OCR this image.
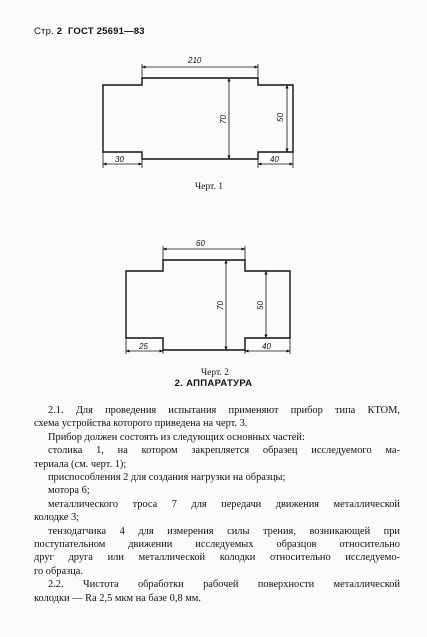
Стр. 2 ГОСТ 25691—83
210
70	50
30	40
Черт. 1
60
70	50
25	40
Черт. 2
2. АППАРАТУРА

2.1. Для проведения испытания применяют прибор типа КТОМ,

схема устройства которого приведена на черт. 3.

Прибор должен состоять из следующих основных частей:

столика 1, на котором закрепляется образец исследуемого ма-

териала (см. черт. 1);

приспособления 2 для создания нагрузки на образцы;

мотора 6;

металлического троса 7 для передачи движения металлической

колодке 3;

тензодатчика 4 для измерения силы трения, возникающей при

поступательном движении исследуемых образцов относительно

друг друга или металлической колодки относительно исследуемо-

го образца.

2.2. Чистота обработки рабочей поверхности металлической

колодки — Ra 2,5 мкм на базе 0,8 мм.
